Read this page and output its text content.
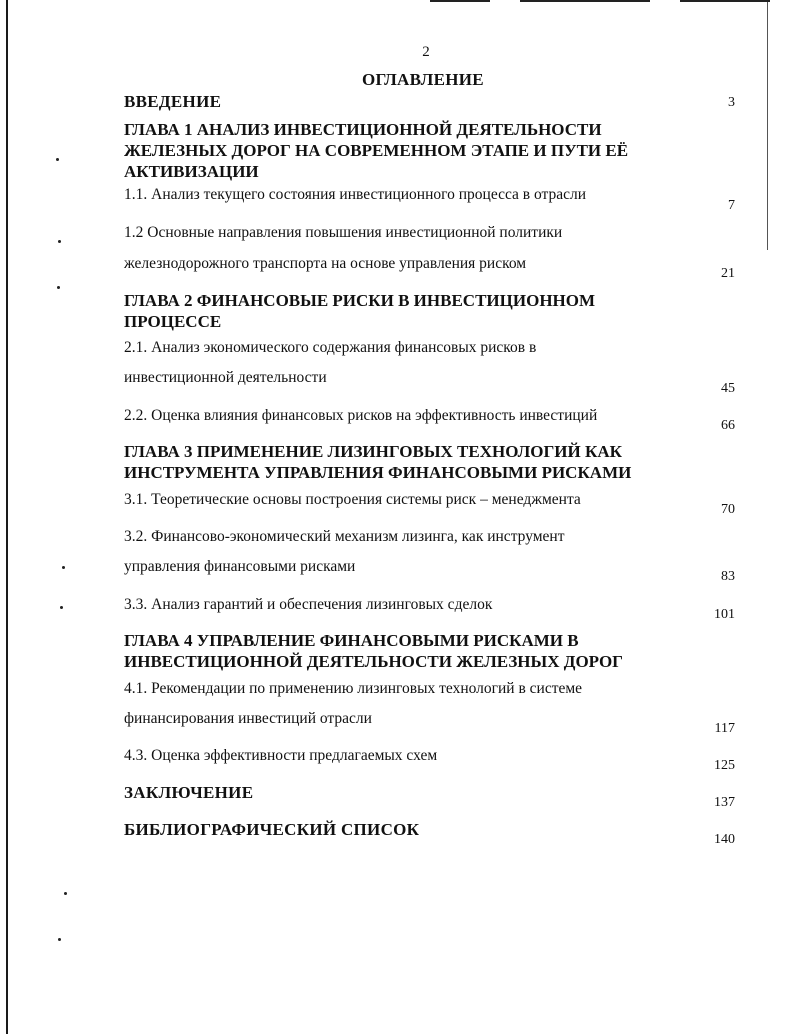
2
ОГЛАВЛЕНИЕ
ВВЕДЕНИЕ	3
ГЛАВА 1 АНАЛИЗ ИНВЕСТИЦИОННОЙ ДЕЯТЕЛЬНОСТИ ЖЕЛЕЗНЫХ ДОРОГ НА СОВРЕМЕННОМ ЭТАПЕ И ПУТИ ЕЁ АКТИВИЗАЦИИ
1.1. Анализ текущего состояния инвестиционного процесса в отрасли
7
1.2 Основные направления повышения инвестиционной политики
железнодорожного транспорта на основе управления риском
21
ГЛАВА 2 ФИНАНСОВЫЕ РИСКИ В ИНВЕСТИЦИОННОМ ПРОЦЕССЕ
2.1. Анализ экономического содержания финансовых рисков в
инвестиционной деятельности
45
2.2. Оценка влияния финансовых рисков на эффективность инвестиций
66
ГЛАВА 3 ПРИМЕНЕНИЕ ЛИЗИНГОВЫХ ТЕХНОЛОГИЙ КАК ИНСТРУМЕНТА УПРАВЛЕНИЯ ФИНАНСОВЫМИ РИСКАМИ
3.1. Теоретические основы построения системы риск – менеджмента
70
3.2. Финансово-экономический механизм лизинга, как инструмент
управления финансовыми рисками
83
3.3. Анализ гарантий и обеспечения лизинговых сделок
101
ГЛАВА 4 УПРАВЛЕНИЕ ФИНАНСОВЫМИ РИСКАМИ В ИНВЕСТИЦИОННОЙ ДЕЯТЕЛЬНОСТИ ЖЕЛЕЗНЫХ ДОРОГ
4.1. Рекомендации по применению лизинговых технологий в системе
финансирования инвестиций отрасли
117
4.3. Оценка эффективности предлагаемых схем
125
ЗАКЛЮЧЕНИЕ
137
БИБЛИОГРАФИЧЕСКИЙ СПИСОК
140
